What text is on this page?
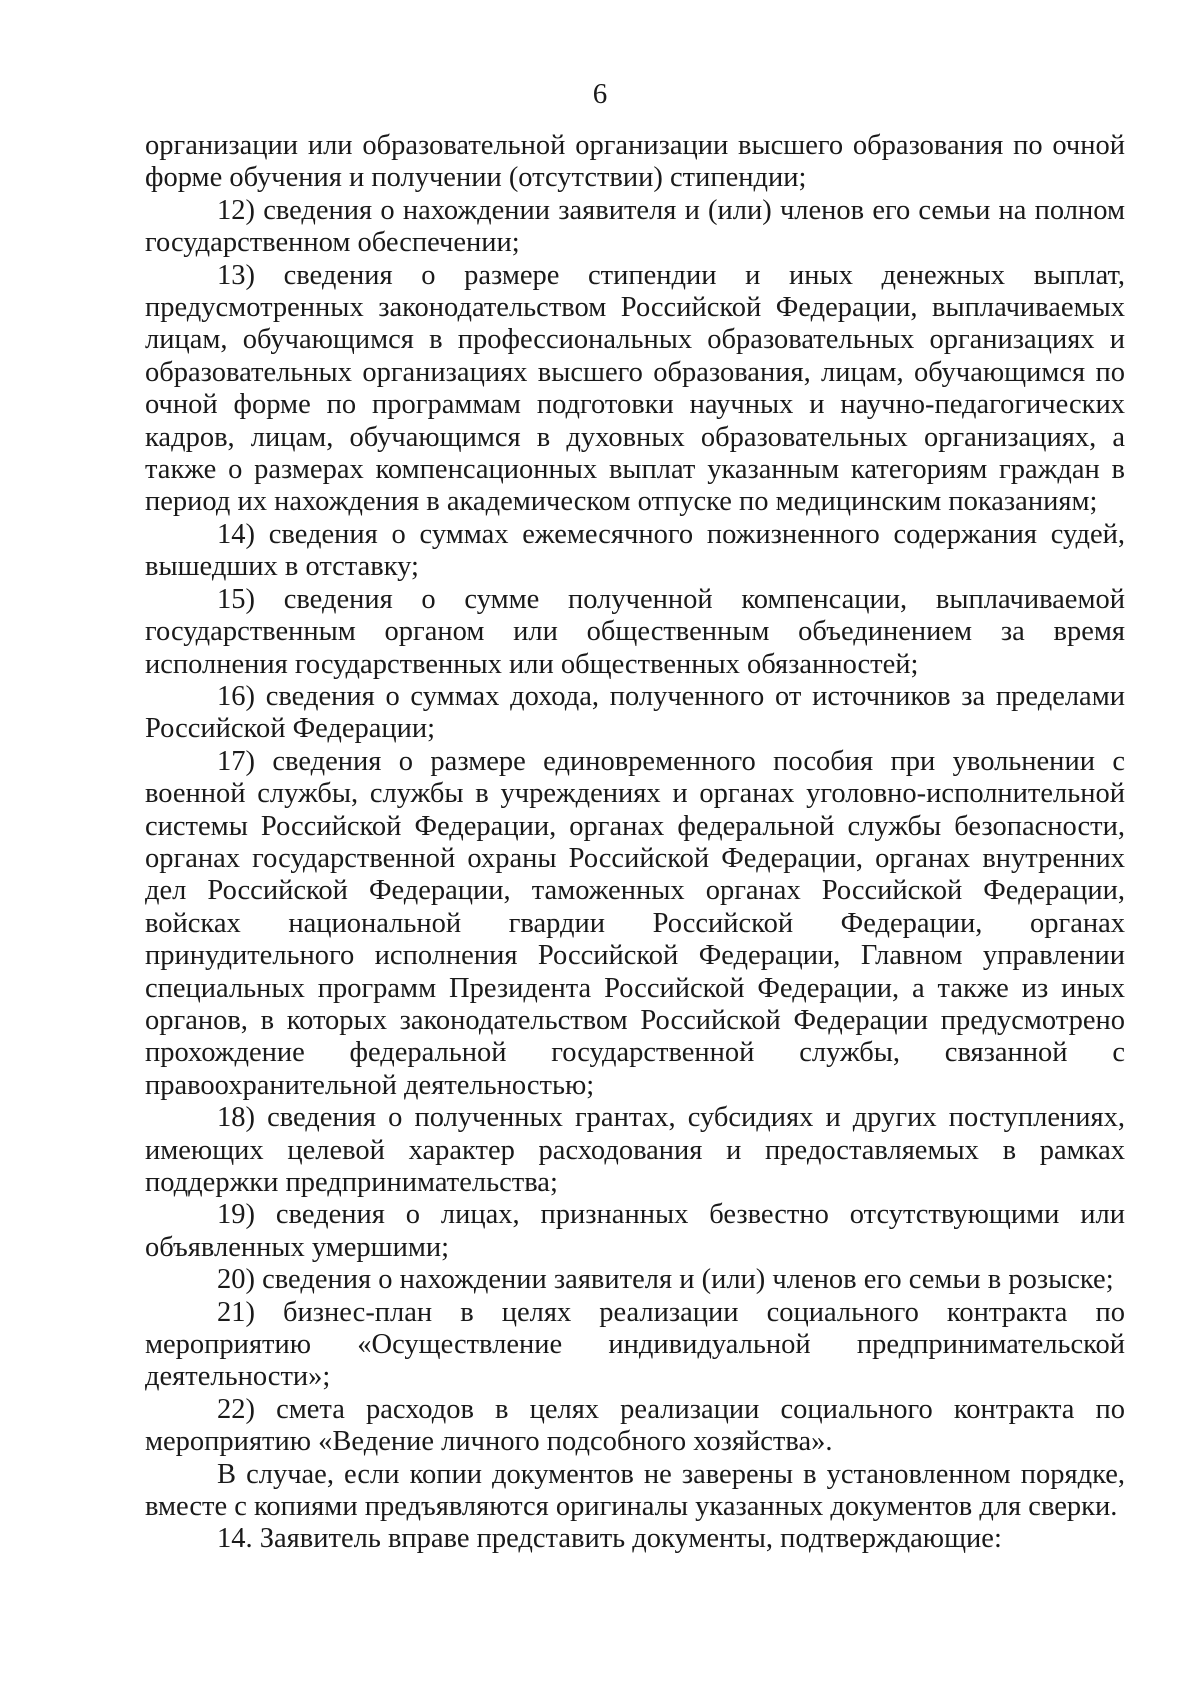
6

организации или образовательной организации высшего образования по очной форме обучения и получении (отсутствии) стипендии;

12) сведения о нахождении заявителя и (или) членов его семьи на полном государственном обеспечении;

13) сведения о размере стипендии и иных денежных выплат, предусмотренных законодательством Российской Федерации, выплачиваемых лицам, обучающимся в профессиональных образовательных организациях и образовательных организациях высшего образования, лицам, обучающимся по очной форме по программам подготовки научных и научно-педагогических кадров, лицам, обучающимся в духовных образовательных организациях, а также о размерах компенсационных выплат указанным категориям граждан в период их нахождения в академическом отпуске по медицинским показаниям;

14) сведения о суммах ежемесячного пожизненного содержания судей, вышедших в отставку;

15) сведения о сумме полученной компенсации, выплачиваемой государственным органом или общественным объединением за время исполнения государственных или общественных обязанностей;

16) сведения о суммах дохода, полученного от источников за пределами Российской Федерации;

17) сведения о размере единовременного пособия при увольнении с военной службы, службы в учреждениях и органах уголовно-исполнительной системы Российской Федерации, органах федеральной службы безопасности, органах государственной охраны Российской Федерации, органах внутренних дел Российской Федерации, таможенных органах Российской Федерации, войсках национальной гвардии Российской Федерации, органах принудительного исполнения Российской Федерации, Главном управлении специальных программ Президента Российской Федерации, а также из иных органов, в которых законодательством Российской Федерации предусмотрено прохождение федеральной государственной службы, связанной с правоохранительной деятельностью;

18) сведения о полученных грантах, субсидиях и других поступлениях, имеющих целевой характер расходования и предоставляемых в рамках поддержки предпринимательства;

19) сведения о лицах, признанных безвестно отсутствующими или объявленных умершими;

20) сведения о нахождении заявителя и (или) членов его семьи в розыске;

21) бизнес-план в целях реализации социального контракта по мероприятию «Осуществление индивидуальной предпринимательской деятельности»;

22) смета расходов в целях реализации социального контракта по мероприятию «Ведение личного подсобного хозяйства».

В случае, если копии документов не заверены в установленном порядке, вместе с копиями предъявляются оригиналы указанных документов для сверки.

14. Заявитель вправе представить документы, подтверждающие:
